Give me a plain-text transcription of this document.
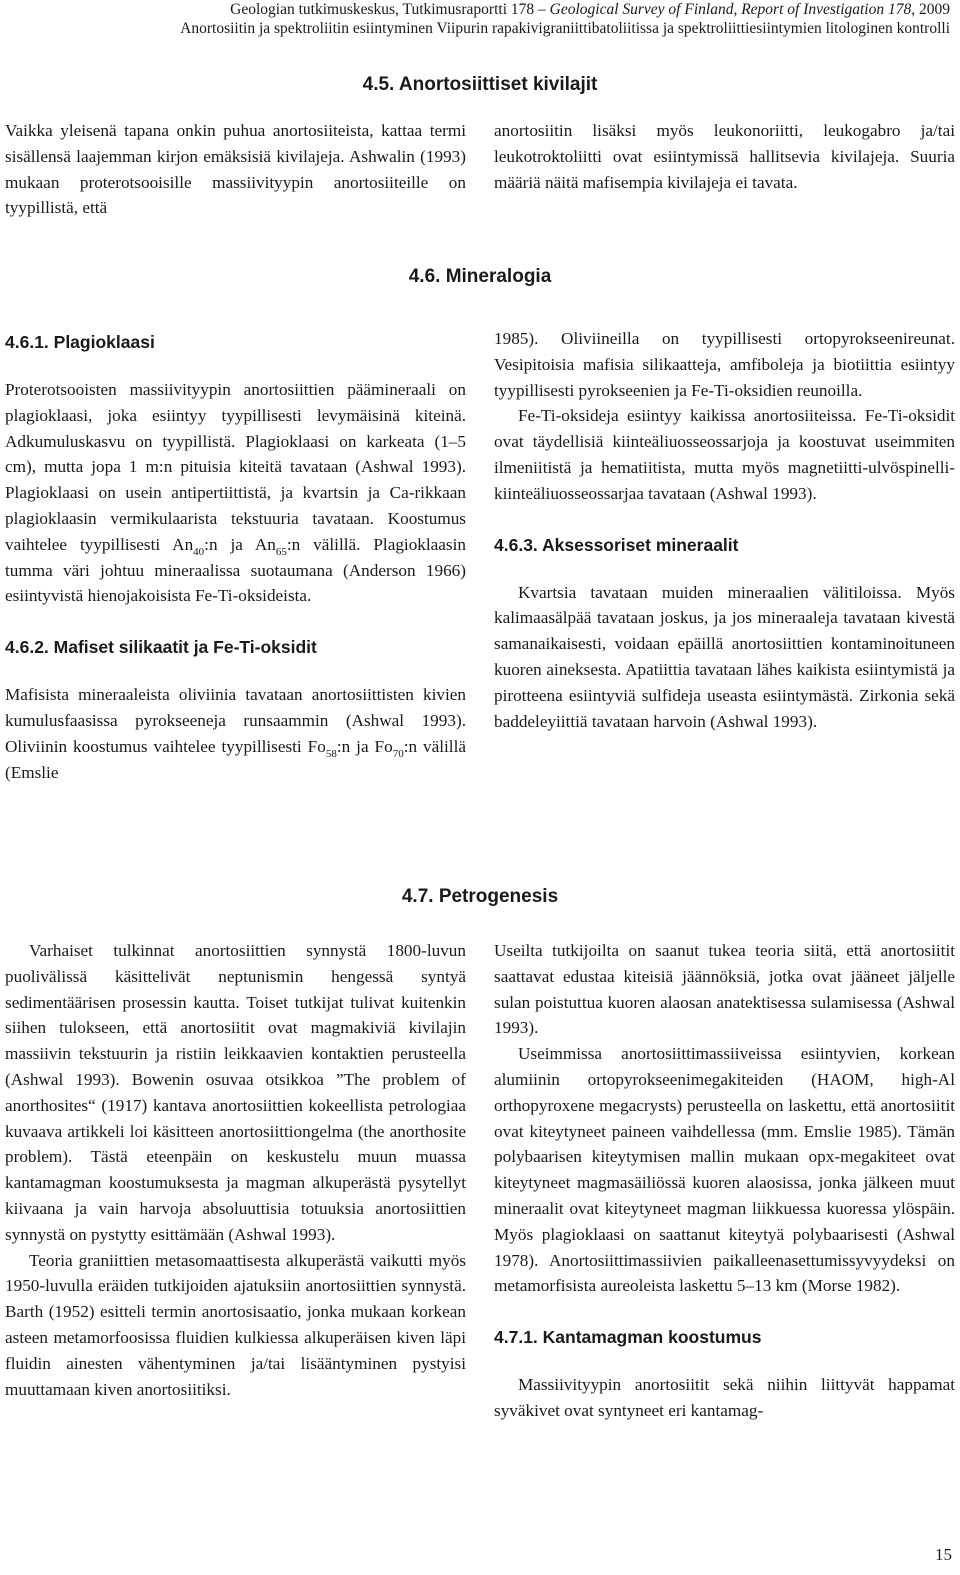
Geologian tutkimuskeskus, Tutkimusraportti 178 – Geological Survey of Finland, Report of Investigation 178, 2009
Anortosiitin ja spektroliitin esiintyminen Viipurin rapakivigraniittibatoliitissa ja spektroliittiesiintymien litologinen kontrolli
4.5. Anortosiittiset kivilajit

Vaikka yleisenä tapana onkin puhua anortosiiteista, kattaa termi sisällensä laajemman kirjon emäksisiä kivilajeja. Ashwalin (1993) mukaan proterotsooisille massiivityypin anortosiiteille on tyypillistä, että

anortosiitin lisäksi myös leukonoriitti, leukogabro ja/tai leukotroktoliitti ovat esiintymissä hallitsevia kivilajeja. Suuria määriä näitä mafisempia kivilajeja ei tavata.

4.6. Mineralogia
4.6.1. Plagioklaasi

Proterotsooisten massiivityypin anortosiittien päämineraali on plagioklaasi, joka esiintyy tyypillisesti levymäisinä kiteinä. Adkumuluskasvu on tyypillistä. Plagioklaasi on karkeata (1–5 cm), mutta jopa 1 m:n pituisia kiteitä tavataan (Ashwal 1993). Plagioklaasi on usein antipertiittistä, ja kvartsin ja Ca-rikkaan plagioklaasin vermikulaarista tekstuuria tavataan. Koostumus vaihtelee tyypillisesti $An_{40}:n$ ja $An_{65}:n$ välillä. Plagioklaasin tumma väri johtuu mineraalissa suotaumana (Anderson 1966) esiintyvistä hienojakoisista Fe-Ti-oksideista.

4.6.2. Mafiset silikaatit ja Fe-Ti-oksidit

Mafisista mineraaleista oliviinia tavataan anortosiittisten kivien kumulusfaasissa pyrokseeneja runsaammin (Ashwal 1993). Oliviinin koostumus vaihtelee tyypillisesti $Fo_{58}:n$ ja $Fo_{70}:n$ välillä (Emslie

1985). Oliviineilla on tyypillisesti ortopyrokseenireunat. Vesipitoisia mafisia silikaatteja, amfiboleja ja biotiittia esiintyy tyypillisesti pyrokseenien ja Fe-Ti-oksidien reunoilla.

Fe-Ti-oksideja esiintyy kaikissa anortosiiteissa. Fe-Ti-oksidit ovat täydellisiä kiinteäliuosseossarjoja ja koostuvat useimmiten ilmeniitistä ja hematiitista, mutta myös magnetiitti-ulvöspinelli-kiinteäliuosseossarjaa tavataan (Ashwal 1993).

4.6.3. Aksessoriset mineraalit

Kvartsia tavataan muiden mineraalien välitiloissa. Myös kalimaasälpää tavataan joskus, ja jos mineraaleja tavataan kivestä samanaikaisesti, voidaan epäillä anortosiittien kontaminoituneen kuoren aineksesta. Apatiittia tavataan lähes kaikista esiintymistä ja pirotteena esiintyviä sulfideja useasta esiintymästä. Zirkonia sekä baddeleyiittiä tavataan harvoin (Ashwal 1993).

4.7. Petrogenesis

Varhaiset tulkinnat anortosiittien synnystä 1800-luvun puolivälissä käsittelivät neptunismin hengessä syntyä sedimentäärisen prosessin kautta. Toiset tutkijat tulivat kuitenkin siihen tulokseen, että anortosiitit ovat magmakiviä kivilajin massiivin tekstuurin ja ristiin leikkaavien kontaktien perusteella (Ashwal 1993). Bowenin osuvaa otsikkoa ”The problem of anorthosites“ (1917) kantava anortosiittien kokeellista petrologiaa kuvaava artikkeli loi käsitteen anortosiittiongelma (the anorthosite problem). Tästä eteenpäin on keskustelu muun muassa kantamagman koostumuksesta ja magman alkuperästä pysytellyt kiivaana ja vain harvoja absoluuttisia totuuksia anortosiittien synnystä on pystytty esittämään (Ashwal 1993).

Teoria graniittien metasomaattisesta alkuperästä vaikutti myös 1950-luvulla eräiden tutkijoiden ajatuksiin anortosiittien synnystä. Barth (1952) esitteli termin anortosisaatio, jonka mukaan korkean asteen metamorfoosissa fluidien kulkiessa alkuperäisen kiven läpi fluidin ainesten vähentyminen ja/tai lisääntyminen pystyisi muuttamaan kiven anortosiitiksi.

Useilta tutkijoilta on saanut tukea teoria siitä, että anortosiitit saattavat edustaa kiteisiä jäännöksiä, jotka ovat jääneet jäljelle sulan poistuttua kuoren alaosan anatektisessa sulamisessa (Ashwal 1993).

Useimmissa anortosiittimassiiveissa esiintyvien, korkean alumiinin ortopyrokseenimegakiteiden (HAOM, high-Al orthopyroxene megacrysts) perusteella on laskettu, että anortosiitit ovat kiteytyneet paineen vaihdellessa (mm. Emslie 1985). Tämän polybaarisen kiteytymisen mallin mukaan opx-megakiteet ovat kiteytyneet magmasäiliössä kuoren alaosissa, jonka jälkeen muut mineraalit ovat kiteytyneet magman liikkuessa kuoressa ylöspäin. Myös plagioklaasi on saattanut kiteytyä polybaarisesti (Ashwal 1978). Anortosiittimassiivien paikalleenasettumissyvyydeksi on metamorfisista aureoleista laskettu 5–13 km (Morse 1982).

4.7.1. Kantamagman koostumus

Massiivityypin anortosiitit sekä niihin liittyvät happamat syväkivet ovat syntyneet eri kantamag-

15
